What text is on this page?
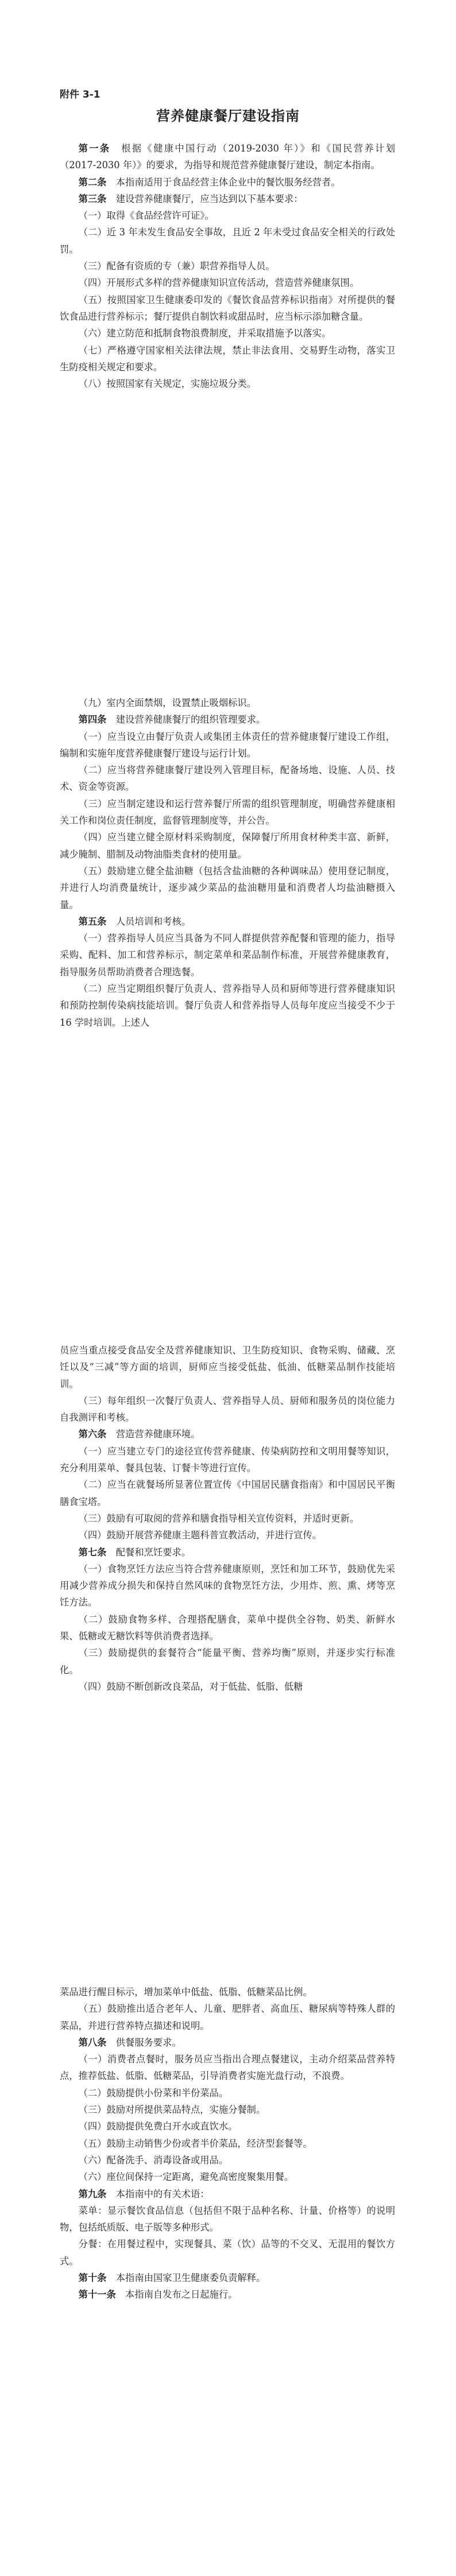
附件 3-1
营养健康餐厅建设指南

第一条　 根据《健康中国行动（2019-2030 年）》和《国民营养计划（2017-2030 年）》的要求，为指导和规范营养健康餐厅建设，制定本指南。

第二条　 本指南适用于食品经营主体企业中的餐饮服务经营者。

第三条　 建设营养健康餐厅，应当达到以下基本要求：

（一）取得《食品经营许可证》。

（二）近 3 年未发生食品安全事故，且近 2 年未受过食品安全相关的行政处罚。

（三）配备有资质的专（兼）职营养指导人员。

（四）开展形式多样的营养健康知识宣传活动，营造营养健康氛围。

（五）按照国家卫生健康委印发的《餐饮食品营养标识指南》对所提供的餐饮食品进行营养标示；餐厅提供自制饮料或甜品时，应当标示添加糖含量。

（六）建立防范和抵制食物浪费制度，并采取措施予以落实。

（七）严格遵守国家相关法律法规，禁止非法食用、交易野生动物，落实卫生防疫相关规定和要求。

（八）按照国家有关规定，实施垃圾分类。

（九）室内全面禁烟，设置禁止吸烟标识。

第四条　 建设营养健康餐厅的组织管理要求。

（一）应当设立由餐厅负责人或集团主体责任的营养健康餐厅建设工作组，编制和实施年度营养健康餐厅建设与运行计划。

（二）应当将营养健康餐厅建设列入管理目标，配备场地、设施、人员、技术、资金等资源。

（三）应当制定建设和运行营养餐厅所需的组织管理制度，明确营养健康相关工作和岗位责任制度，监督管理制度等，并公告。

（四）应当建立健全原材料采购制度，保障餐厅所用食材种类丰富、新鲜，减少腌制、腊制及动物油脂类食材的使用量。

（五）鼓励建立健全盐油糖（包括含盐油糖的各种调味品）使用登记制度，并进行人均消费量统计，逐步减少菜品的盐油糖用量和消费者人均盐油糖摄入量。

第五条　 人员培训和考核。

（一）营养指导人员应当具备为不同人群提供营养配餐和管理的能力，指导采购、配料、加工和营养标示，制定菜单和菜品制作标准，开展营养健康教育，指导服务员帮助消费者合理选餐。

（二）应当定期组织餐厅负责人、营养指导人员和厨师等进行营养健康知识和预防控制传染病技能培训。餐厅负责人和营养指导人员每年度应当接受不少于 16 学时培训。上述人

员应当重点接受食品安全及营养健康知识、卫生防疫知识、食物采购、储藏、烹饪以及“三减”等方面的培训，厨师应当接受低盐、低油、低糖菜品制作技能培训。

（三）每年组织一次餐厅负责人、营养指导人员、厨师和服务员的岗位能力自我测评和考核。

第六条　 营造营养健康环境。

（一）应当建立专门的途径宣传营养健康、传染病防控和文明用餐等知识，充分利用菜单、餐具包装、订餐卡等进行宣传。

（二）应当在就餐场所显著位置宣传《中国居民膳食指南》和中国居民平衡膳食宝塔。

（三）鼓励有可取阅的营养和膳食指导相关宣传资料，并适时更新。

（四）鼓励开展营养健康主题科普宣教活动，并进行宣传。

第七条　 配餐和烹饪要求。

（一）食物烹饪方法应当符合营养健康原则，烹饪和加工环节，鼓励优先采用减少营养成分损失和保持自然风味的食物烹饪方法，少用炸、煎、熏、烤等烹饪方法。

（二）鼓励食物多样、合理搭配膳食，菜单中提供全谷物、奶类、新鲜水果、低糖或无糖饮料等供消费者选择。

（三）鼓励提供的套餐符合“能量平衡、营养均衡”原则，并逐步实行标准化。

（四）鼓励不断创新改良菜品，对于低盐、低脂、低糖

菜品进行醒目标示，增加菜单中低盐、低脂、低糖菜品比例。

（五）鼓励推出适合老年人、儿童、肥胖者、高血压、糖尿病等特殊人群的菜品，并进行营养特点描述和说明。

第八条　 供餐服务要求。

（一）消费者点餐时，服务员应当指出合理点餐建议，主动介绍菜品营养特点，推荐低盐、低脂、低糖菜品，引导消费者实施光盘行动，不浪费。

（二）鼓励提供小份菜和半份菜品。

（三）鼓励对所提供菜品特点，实施分餐制。

（四）鼓励提供免费白开水或直饮水。

（五）鼓励主动销售少份或者半价菜品，经济型套餐等。

（六）配备洗手、消毒设备或用品。

（六）座位间保持一定距离，避免高密度聚集用餐。

第九条　 本指南中的有关术语：

菜单：显示餐饮食品信息（包括但不限于品种名称、计量、价格等）的说明物，包括纸质版、电子版等多种形式。

分餐：在用餐过程中，实现餐具、菜（饮）品等的不交叉、无混用的餐饮方式。

第十条　 本指南由国家卫生健康委负责解释。

第十一条　 本指南自发布之日起施行。
